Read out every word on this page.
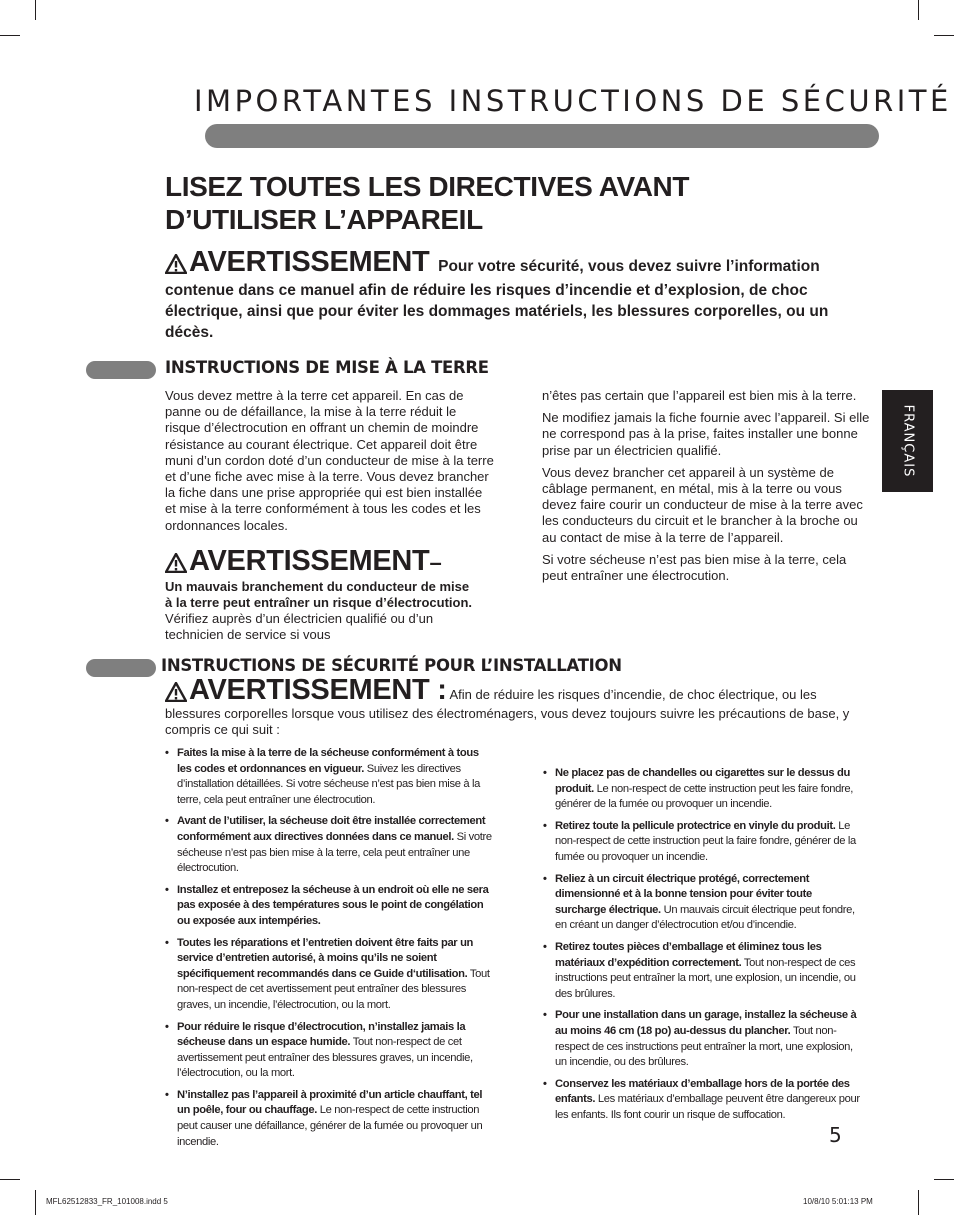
IMPORTANTES INSTRUCTIONS DE SÉCURITÉ
LISEZ TOUTES LES DIRECTIVES AVANT
D’UTILISER L’APPAREIL
AVERTISSEMENT Pour votre sécurité, vous devez suivre l’information contenue dans ce manuel afin de réduire les risques d’incendie et d’explosion, de choc électrique, ainsi que pour éviter les dommages matériels, les blessures corporelles, ou un décès.
INSTRUCTIONS DE MISE À LA TERRE

Vous devez mettre à la terre cet appareil. En cas de panne ou de défaillance, la mise à la terre réduit le risque d’électrocution en offrant un chemin de moindre résistance au courant électrique. Cet appareil doit être muni d’un cordon doté d’un conducteur de mise à la terre et d’une fiche avec mise à la terre. Vous devez brancher la fiche dans une prise appropriée qui est bien installée et mise à la terre conformément à tous les codes et les ordonnances locales.

AVERTISSEMENT–
Un mauvais branchement du conducteur de mise à la terre peut entraîner un risque d’électrocution. Vérifiez auprès d’un électricien qualifié ou d’un technicien de service si vous

n’êtes pas certain que l’appareil est bien mis à la terre.

Ne modifiez jamais la fiche fournie avec l’appareil. Si elle ne correspond pas à la prise, faites installer une bonne prise par un électricien qualifié.

Vous devez brancher cet appareil à un système de câblage permanent, en métal, mis à la terre ou vous devez faire courir un conducteur de mise à la terre avec les conducteurs du circuit et le brancher à la broche ou au contact de mise à la terre de l’appareil.

Si votre sécheuse n’est pas bien mise à la terre, cela peut entraîner une électrocution.

INSTRUCTIONS DE SÉCURITÉ POUR L’INSTALLATION
AVERTISSEMENT : Afin de réduire les risques d’incendie, de choc électrique, ou les blessures corporelles lorsque vous utilisez des électroménagers, vous devez toujours suivre les précautions de base, y compris ce qui suit :
• Faites la mise à la terre de la sécheuse conformément à tous les codes et ordonnances en vigueur. Suivez les directives d’installation détaillées. Si votre sécheuse n’est pas bien mise à la terre, cela peut entraîner une électrocution.
• Avant de l’utiliser, la sécheuse doit être installée correctement conformément aux directives données dans ce manuel. Si votre sécheuse n’est pas bien mise à la terre, cela peut entraîner une électrocution.
• Installez et entreposez la sécheuse à un endroit où elle ne sera pas exposée à des températures sous le point de congélation ou exposée aux intempéries.
• Toutes les réparations et l’entretien doivent être faits par un service d’entretien autorisé, à moins qu’ils ne soient spécifiquement recommandés dans ce Guide d‘utilisation. Tout non-respect de cet avertissement peut entraîner des blessures graves, un incendie, l’électrocution, ou la mort.
• Pour réduire le risque d’électrocution, n’installez jamais la sécheuse dans un espace humide. Tout non-respect de cet avertissement peut entraîner des blessures graves, un incendie, l’électrocution, ou la mort.
• N’installez pas l’appareil à proximité d’un article chauffant, tel un poêle, four ou chauffage. Le non-respect de cette instruction peut causer une défaillance, générer de la fumée ou provoquer un incendie.
• Ne placez pas de chandelles ou cigarettes sur le dessus du produit. Le non-respect de cette instruction peut les faire fondre, générer de la fumée ou provoquer un incendie.
• Retirez toute la pellicule protectrice en vinyle du produit. Le non-respect de cette instruction peut la faire fondre, générer de la fumée ou provoquer un incendie.
• Reliez à un circuit électrique protégé, correctement dimensionné et à la bonne tension pour éviter toute surcharge électrique. Un mauvais circuit électrique peut fondre, en créant un danger d’électrocution et/ou d’incendie.
• Retirez toutes pièces d’emballage et éliminez tous les matériaux d’expédition correctement. Tout non-respect de ces instructions peut entraîner la mort, une explosion, un incendie, ou des brûlures.
• Pour une installation dans un garage, installez la sécheuse à au moins 46 cm (18 po) au-dessus du plancher. Tout non-respect de ces instructions peut entraîner la mort, une explosion, un incendie, ou des brûlures.
• Conservez les matériaux d’emballage hors de la portée des enfants. Les matériaux d’emballage peuvent être dangereux pour les enfants. Ils font courir un risque de suffocation.
FRANÇAIS
5
MFL62512833_FR_101008.indd 5	10/8/10 5:01:13 PM
